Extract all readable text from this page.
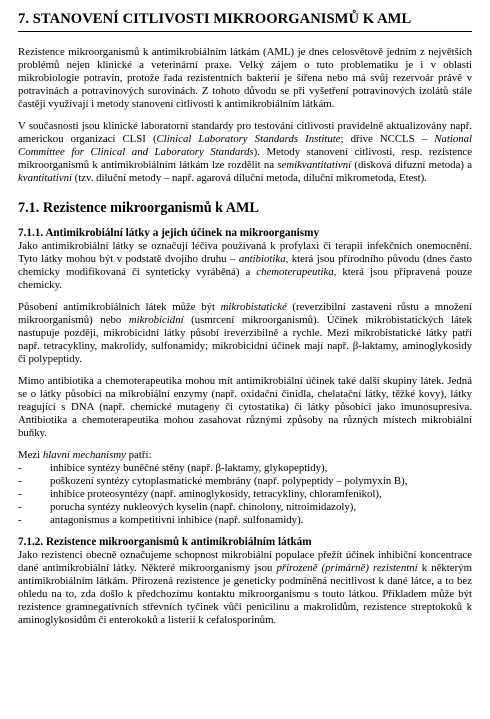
7. STANOVENÍ CITLIVOSTI MIKROORGANISMŮ K AML

Rezistence mikroorganismů k antimikrobiálním látkám (AML) je dnes celosvětově jedním z největších problémů nejen klinické a veterinární praxe. Velký zájem o tuto problematiku je i v oblasti mikrobiologie potravin, protože řada rezistentních bakterií je šířena nebo má svůj rezervoár právě v potravinách a potravinových surovinách. Z tohoto důvodu se při vyšetření potravinových izolátů stále častěji využívají i metody stanovení citlivosti k antimikrobiálním látkám.

V současnosti jsou klinické laboratorní standardy pro testování citlivosti pravidelně aktualizovány např. americkou organizací CLSI (Clinical Laboratory Standards Institute; dříve NCCLS – National Committee for Clinical and Laboratory Standards). Metody stanovení citlivosti, resp. rezistence mikroorganismů k antimikrobiálním látkám lze rozdělit na semikvantitativní (disková difuzní metoda) a kvantitativní (tzv. diluční metody – např. agarová diluční metoda, diluční mikrometoda, Etest).

7.1. Rezistence mikroorganismů k AML
7.1.1. Antimikrobiální látky a jejich účinek na mikroorganismy

Jako antimikrobiální látky se označují léčiva používaná k profylaxi či terapii infekčních onemocnění. Tyto látky mohou být v podstatě dvojího druhu – antibiotika, která jsou přírodního původu (dnes často chemicky modifikovaná či synteticky vyráběná) a chemoterapeutika, která jsou připravená pouze chemicky.

Působení antimikrobiálních látek může být mikrobistatické (reverzibilní zastavení růstu a množení mikroorganismů) nebo mikrobicidní (usmrcení mikroorganismů). Účinek mikrobistatických látek nastupuje později, mikrobicidní látky působí ireverzibilně a rychle. Mezi mikrobistatické látky patří např. tetracykliny, makrolidy, sulfonamidy; mikrobicidní účinek mají např. β-laktamy, aminoglykosidy či polypeptidy.

Mimo antibiotika a chemoterapeutika mohou mít antimikrobiální účinek také další skupiny látek. Jedná se o látky působící na mikrobiální enzymy (např. oxidační činidla, chelatační látky, těžké kovy), látky reagující s DNA (např. chemické mutageny či cytostatika) či látky působící jako imunosupresiva. Antibiotika a chemoterapeutika mohou zasahovat různými způsoby na různých místech mikrobiální buňky.

Mezi hlavní mechanismy patří:

-	inhibice syntézy buněčné stěny (např. β-laktamy, glykopeptidy),
-	poškození syntézy cytoplasmatické membrány (např. polypeptidy – polymyxin B),
-	inhibice proteosyntézy (např. aminoglykosidy, tetracykliny, chloramfenikol),
-	porucha syntézy nukleových kyselin (např. chinolony, nitroimidazoly),
-	antagonismus a kompetitivní inhibice (např. sulfonamidy).
7.1.2. Rezistence mikroorganismů k antimikrobiálním látkám

Jako rezistenci obecně označujeme schopnost mikrobiální populace přežít účinek inhibiční koncentrace dané antimikrobiální látky. Některé mikroorganismy jsou přirozeně (primárně) rezistentní k některým antimikrobiálním látkám. Přirozená rezistence je geneticky podmíněná necitlivost k dané látce, a to bez ohledu na to, zda došlo k předchozímu kontaktu mikroorganismu s touto látkou. Příkladem může být rezistence gramnegativních střevních tyčinek vůči penicilinu a makrolidům, rezistence streptokoků k aminoglykosidům či enterokoků a listerií k cefalosporinům.
